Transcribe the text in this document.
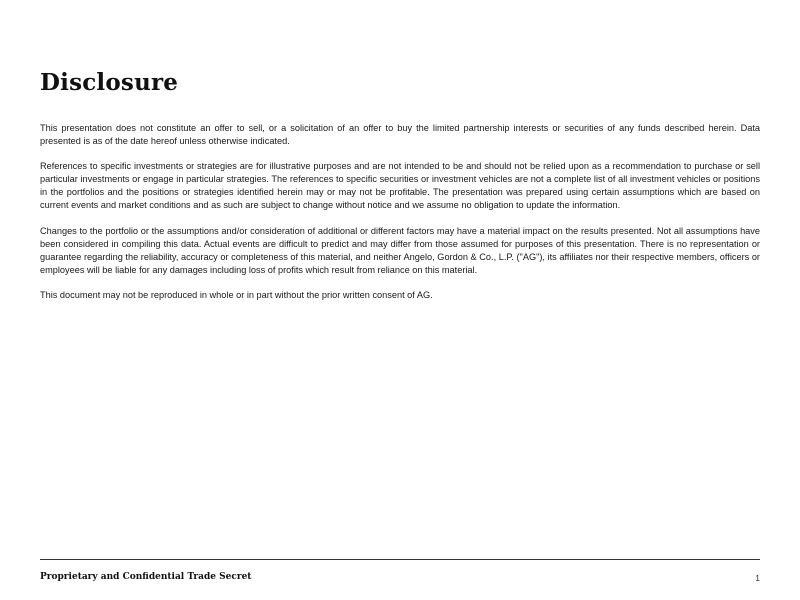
Disclosure

This presentation does not constitute an offer to sell, or a solicitation of an offer to buy the limited partnership interests or securities of any funds described herein. Data presented is as of the date hereof unless otherwise indicated.

References to specific investments or strategies are for illustrative purposes and are not intended to be and should not be relied upon as a recommendation to purchase or sell particular investments or engage in particular strategies. The references to specific securities or investment vehicles are not a complete list of all investment vehicles or positions in the portfolios and the positions or strategies identified herein may or may not be profitable. The presentation was prepared using certain assumptions which are based on current events and market conditions and as such are subject to change without notice and we assume no obligation to update the information.

Changes to the portfolio or the assumptions and/or consideration of additional or different factors may have a material impact on the results presented. Not all assumptions have been considered in compiling this data. Actual events are difficult to predict and may differ from those assumed for purposes of this presentation. There is no representation or guarantee regarding the reliability, accuracy or completeness of this material, and neither Angelo, Gordon & Co., L.P. ("AG"), its affiliates nor their respective members, officers or employees will be liable for any damages including loss of profits which result from reliance on this material.

This document may not be reproduced in whole or in part without the prior written consent of AG.

Proprietary and Confidential Trade Secret	1
